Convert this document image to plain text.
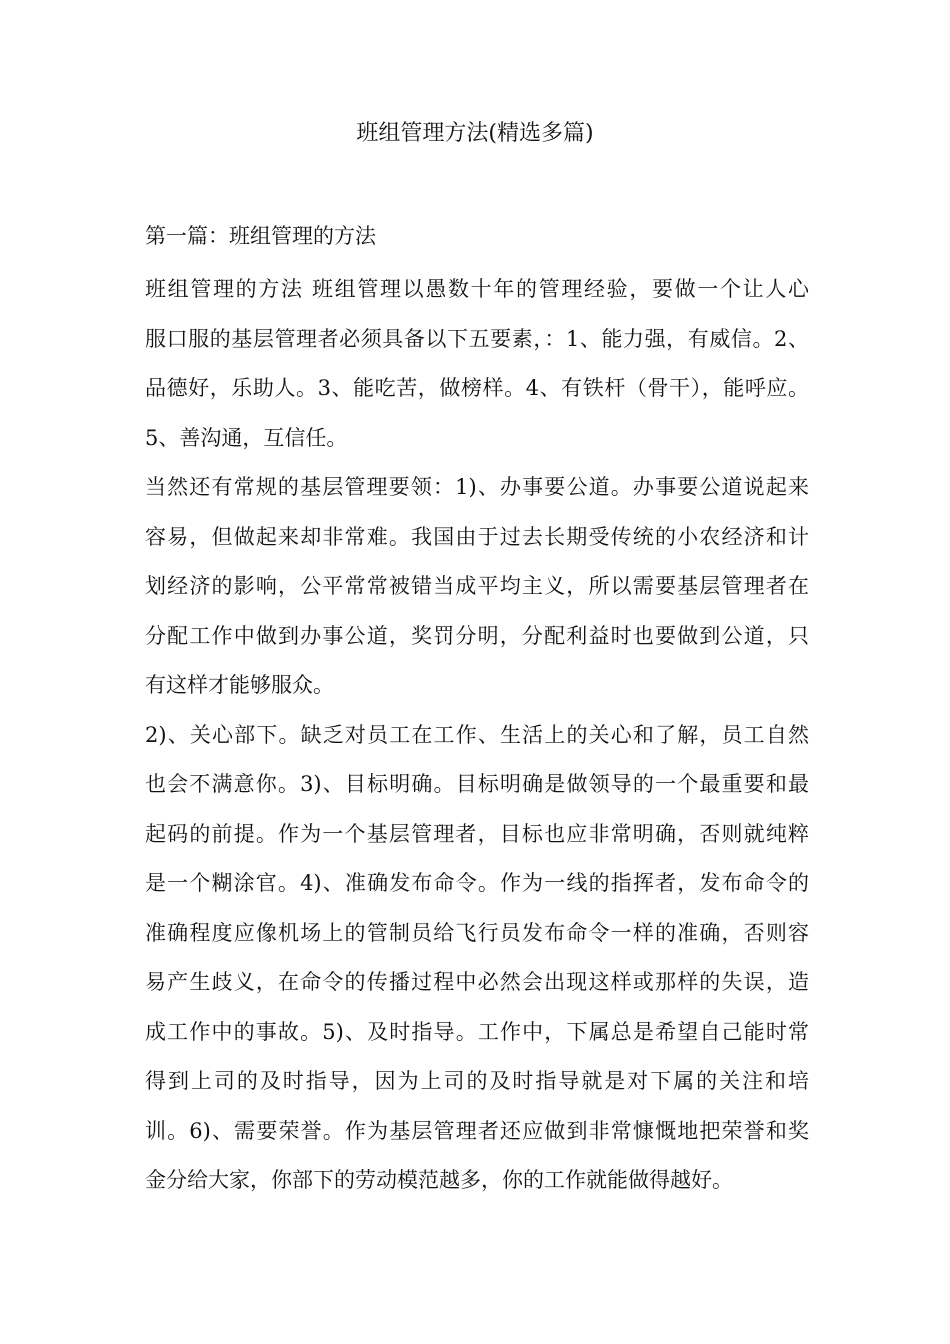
班组管理方法(精选多篇)

第一篇：班组管理的方法

班组管理的方法 班组管理以愚数十年的管理经验，要做一个让人心
服口服的基层管理者必须具备以下五要素，：1、能力强，有威信。2、
品德好，乐助人。3、能吃苦，做榜样。4、有铁杆（骨干），能呼应。
5、善沟通，互信任。
当然还有常规的基层管理要领：1)、办事要公道。办事要公道说起来
容易，但做起来却非常难。我国由于过去长期受传统的小农经济和计
划经济的影响，公平常常被错当成平均主义，所以需要基层管理者在
分配工作中做到办事公道，奖罚分明，分配利益时也要做到公道，只
有这样才能够服众。
2)、关心部下。缺乏对员工在工作、生活上的关心和了解，员工自然
也会不满意你。3)、目标明确。目标明确是做领导的一个最重要和最
起码的前提。作为一个基层管理者，目标也应非常明确，否则就纯粹
是一个糊涂官。4)、准确发布命令。作为一线的指挥者，发布命令的
准确程度应像机场上的管制员给飞行员发布命令一样的准确，否则容
易产生歧义，在命令的传播过程中必然会出现这样或那样的失误，造
成工作中的事故。5)、及时指导。工作中，下属总是希望自己能时常
得到上司的及时指导，因为上司的及时指导就是对下属的关注和培
训。6)、需要荣誉。作为基层管理者还应做到非常慷慨地把荣誉和奖
金分给大家，你部下的劳动模范越多，你的工作就能做得越好。
